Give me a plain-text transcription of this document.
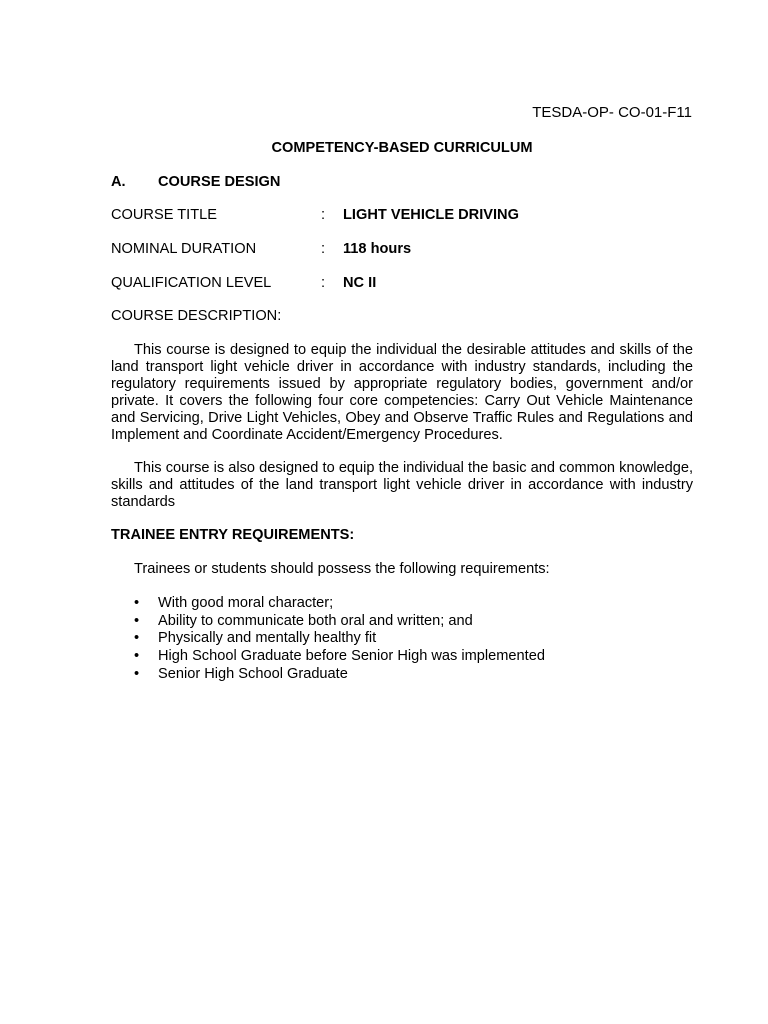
TESDA-OP- CO-01-F11
COMPETENCY-BASED CURRICULUM
A. COURSE DESIGN
COURSE TITLE	: LIGHT VEHICLE DRIVING
NOMINAL DURATION	: 118 hours
QUALIFICATION LEVEL	: NC II
COURSE DESCRIPTION:

This course is designed to equip the individual the desirable attitudes and skills of the land transport light vehicle driver in accordance with industry standards, including the regulatory requirements issued by appropriate regulatory bodies, government and/or private. It covers the following four core competencies: Carry Out Vehicle Maintenance and Servicing, Drive Light Vehicles, Obey and Observe Traffic Rules and Regulations and Implement and Coordinate Accident/Emergency Procedures.

This course is also designed to equip the individual the basic and common knowledge, skills and attitudes of the land transport light vehicle driver in accordance with industry standards

TRAINEE ENTRY REQUIREMENTS:
Trainees or students should possess the following requirements:
• With good moral character;
• Ability to communicate both oral and written; and
• Physically and mentally healthy fit
• High School Graduate before Senior High was implemented
• Senior High School Graduate
